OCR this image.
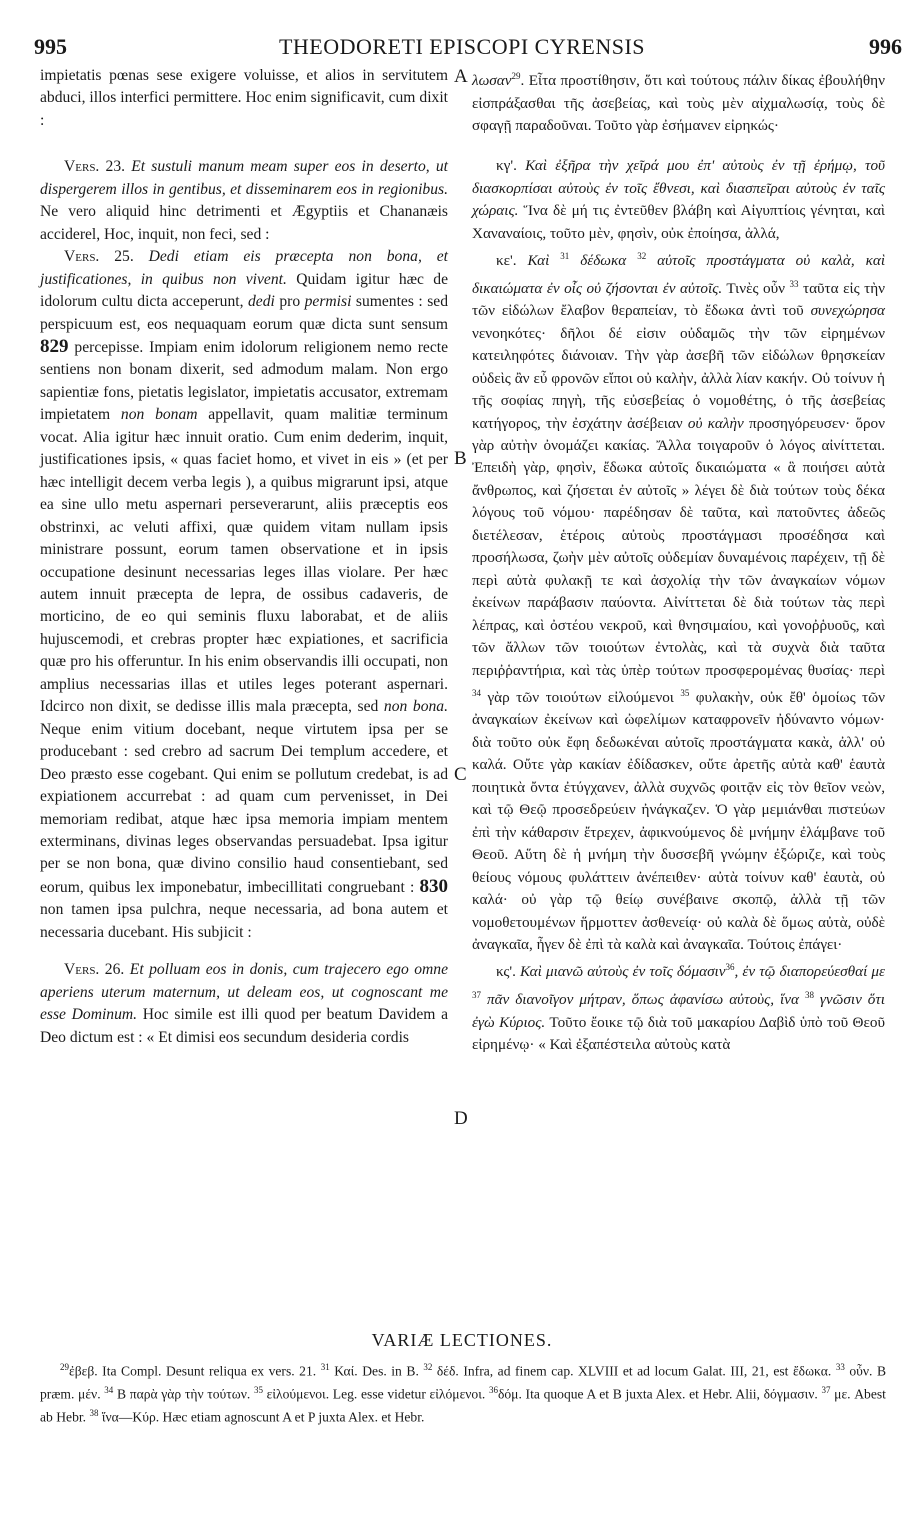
995	THEODORETI EPISCOPI CYRENSIS	996

impietatis pœnas sese exigere voluisse, et alios in servitutem abduci, illos interfici permittere. Hoc enim significavit, cum dixit :

Vers. 23. Et sustuli manum meam super eos in deserto, ut dispergerem illos in gentibus, et disseminarem eos in regionibus. Ne vero aliquid hinc detrimenti et Ægyptiis et Chananæis acciderel, Hoc, inquit, non feci, sed :

Vers. 25. Dedi etiam eis præcepta non bona, et justificationes, in quibus non vivent. Quidam igitur hæc de idolorum cultu dicta acceperunt, dedi pro permisi sumentes : sed perspicuum est, eos nequaquam eorum quæ dicta sunt sensum 829 percepisse. Impiam enim idolorum religionem nemo recte sentiens non bonam dixerit, sed admodum malam. Non ergo sapientiæ fons, pietatis legislator, impietatis accusator, extremam impietatem non bonam appellavit, quam malitiæ terminum vocat. Alia igitur hæc innuit oratio. Cum enim dederim, inquit, justificationes ipsis, « quas faciet homo, et vivet in eis » (et per hæc intelligit decem verba legis ), a quibus migrarunt ipsi, atque ea sine ullo metu aspernari perseverarunt, aliis præceptis eos obstrinxi, ac veluti affixi, quæ quidem vitam nullam ipsis ministrare possunt, eorum tamen observatione et in ipsis occupatione desinunt necessarias leges illas violare. Per hæc autem innuit præcepta de lepra, de ossibus cadaveris, de morticino, de eo qui seminis fluxu laborabat, et de aliis hujuscemodi, et crebras propter hæc expiationes, et sacrificia quæ pro his offeruntur. In his enim observandis illi occupati, non amplius necessarias illas et utiles leges poterant aspernari. Idcirco non dixit, se dedisse illis mala præcepta, sed non bona. Neque enim vitium docebant, neque virtutem ipsa per se producebant : sed crebro ad sacrum Dei templum accedere, et Deo præsto esse cogebant. Qui enim se pollutum credebat, is ad expiationem accurrebat : ad quam cum pervenisset, in Dei memoriam redibat, atque hæc ipsa memoria impiam mentem exterminans, divinas leges observandas persuadebat. Ipsa igitur per se non bona, quæ divino consilio haud consentiebant, sed eorum, quibus lex imponebatur, imbecillitati congruebant : 830 non tamen ipsa pulchra, neque necessaria, ad bona autem et necessaria ducebant. His subjicit :

Vers. 26. Et polluam eos in donis, cum trajecero ego omne aperiens uterum maternum, ut deleam eos, ut cognoscant me esse Dominum. Hoc simile est illi quod per beatum Davidem a Deo dictum est : « Et dimisi eos secundum desideria cordis

A
B
C
D

λωσαν$^{29}$. Εἶτα προστίθησιν, ὅτι καὶ τούτους πάλιν δίκας ἐβουλήθην εἰσπράξασθαι τῆς ἀσεβείας, καὶ τοὺς μὲν αἰχμαλωσίᾳ, τοὺς δὲ σφαγῇ παραδοῦναι. Τοῦτο γὰρ ἐσήμανεν εἰρηκώς·

κγ'. Καὶ ἐξῆρα τὴν χεῖρά μου ἐπ' αὐτοὺς ἐν τῇ ἐρήμῳ, τοῦ διασκορπίσαι αὐτοὺς ἐν τοῖς ἔθνεσι, καὶ διασπεῖραι αὐτοὺς ἐν ταῖς χώραις. Ἵνα δὲ μή τις ἐντεῦθεν βλάβη καὶ Αἰγυπτίοις γένηται, καὶ Χαναναίοις, τοῦτο μὲν, φησὶν, οὐκ ἐποίησα, ἀλλά,

κε'. Καὶ $^{31}$ δέδωκα $^{32}$ αὐτοῖς προστάγματα οὐ καλὰ, καὶ δικαιώματα ἐν οἷς οὐ ζήσονται ἐν αὐτοῖς. Τινὲς οὖν $^{33}$ ταῦτα εἰς τὴν τῶν εἰδώλων ἔλαβον θεραπείαν, τὸ ἔδωκα ἀντὶ τοῦ συνεχώρησα νενοηκότες· δῆλοι δέ εἰσιν οὐδαμῶς τὴν τῶν εἰρημένων κατειληφότες διάνοιαν. Τὴν γὰρ ἀσεβῆ τῶν εἰδώλων θρησκείαν οὐδεὶς ἂν εὖ φρονῶν εἴποι οὐ καλὴν, ἀλλὰ λίαν κακήν. Οὐ τοίνυν ἡ τῆς σοφίας πηγὴ, τῆς εὐσεβείας ὁ νομοθέτης, ὁ τῆς ἀσεβείας κατήγορος, τὴν ἐσχάτην ἀσέβειαν οὐ καλὴν προσηγόρευσεν· ὅρον γὰρ αὐτὴν ὀνομάζει κακίας. Ἄλλα τοιγαροῦν ὁ λόγος αἰνίττεται. Ἐπειδὴ γὰρ, φησὶν, ἔδωκα αὐτοῖς δικαιώματα « ἃ ποιήσει αὐτὰ ἄνθρωπος, καὶ ζήσεται ἐν αὐτοῖς » λέγει δὲ διὰ τούτων τοὺς δέκα λόγους τοῦ νόμου· παρέδησαν δὲ ταῦτα, καὶ πατοῦντες ἀδεῶς διετέλεσαν, ἑτέροις αὐτοὺς προστάγμασι προσέδησα καὶ προσήλωσα, ζωὴν μὲν αὐτοῖς οὐδεμίαν δυναμένοις παρέχειν, τῇ δὲ περὶ αὐτὰ φυλακῇ τε καὶ ἀσχολίᾳ τὴν τῶν ἀναγκαίων νόμων ἐκείνων παράβασιν παύοντα. Αἰνίττεται δὲ διὰ τούτων τὰς περὶ λέπρας, καὶ ὀστέου νεκροῦ, καὶ θνησιμαίου, καὶ γονοῤῥυοῦς, καὶ τῶν ἄλλων τῶν τοιούτων ἐντολὰς, καὶ τὰ συχνὰ διὰ ταῦτα περιῤῥαντήρια, καὶ τὰς ὑπὲρ τούτων προσφερομένας θυσίας· περὶ $^{34}$ γὰρ τῶν τοιούτων εἰλούμενοι $^{35}$ φυλακὴν, οὐκ ἔθ' ὁμοίως τῶν ἀναγκαίων ἐκείνων καὶ ὠφελίμων καταφρονεῖν ἠδύναντο νόμων· διὰ τοῦτο οὐκ ἔφη δεδωκέναι αὐτοῖς προστάγματα κακὰ, ἀλλ' οὐ καλά. Οὔτε γὰρ κακίαν ἐδίδασκεν, οὔτε ἀρετῆς αὐτὰ καθ' ἑαυτὰ ποιητικὰ ὄντα ἐτύγχανεν, ἀλλὰ συχνῶς φοιτᾷν εἰς τὸν θεῖον νεὼν, καὶ τῷ Θεῷ προσεδρεύειν ἠνάγκαζεν. Ὁ γὰρ μεμιάνθαι πιστεύων ἐπὶ τὴν κάθαρσιν ἔτρεχεν, ἀφικνούμενος δὲ μνήμην ἐλάμβανε τοῦ Θεοῦ. Αὕτη δὲ ἡ μνήμη τὴν δυσσεβῆ γνώμην ἐξώριζε, καὶ τοὺς θείους νόμους φυλάττειν ἀνέπειθεν· αὐτὰ τοίνυν καθ' ἑαυτὰ, οὐ καλά· οὐ γὰρ τῷ θείῳ συνέβαινε σκοπῷ, ἀλλὰ τῇ τῶν νομοθετουμένων ἥρμοττεν ἀσθενείᾳ· οὐ καλὰ δὲ ὅμως αὐτὰ, οὐδὲ ἀναγκαῖα, ἦγεν δὲ ἐπὶ τὰ καλὰ καὶ ἀναγκαῖα. Τούτοις ἐπάγει·

κς'. Καὶ μιανῶ αὐτοὺς ἐν τοῖς δόμασιν$^{36}$, ἐν τῷ διαπορεύεσθαί με $^{37}$ πᾶν διανοῖγον μήτραν, ὅπως ἀφανίσω αὐτοὺς, ἵνα $^{38}$ γνῶσιν ὅτι ἐγὼ Κύριος. Τοῦτο ἔοικε τῷ διὰ τοῦ μακαρίου Δαβὶδ ὑπὸ τοῦ Θεοῦ εἰρημένῳ· « Καὶ ἐξαπέστειλα αὐτοὺς κατὰ

VARIÆ LECTIONES.

$^{29}$ἐβεβ. Ita Compl. Desunt reliqua ex vers. 21. $^{31}$ Καί. Des. in B. $^{32}$ δέδ. Infra, ad finem cap. XLVIII et ad locum Galat. III, 21, est ἔδωκα. $^{33}$ οὖν. B præm. μέν. $^{34}$ B παρὰ γὰρ τὴν τούτων. $^{35}$ εἰλούμενοι. Leg. esse videtur εἰλόμενοι. $^{36}$δόμ. Ita quoque A et B juxta Alex. et Hebr. Alii, δόγμασιν. $^{37}$ με. Abest ab Hebr. $^{38}$ ἵνα—Κύρ. Hæc etiam agnoscunt A et P juxta Alex. et Hebr.
